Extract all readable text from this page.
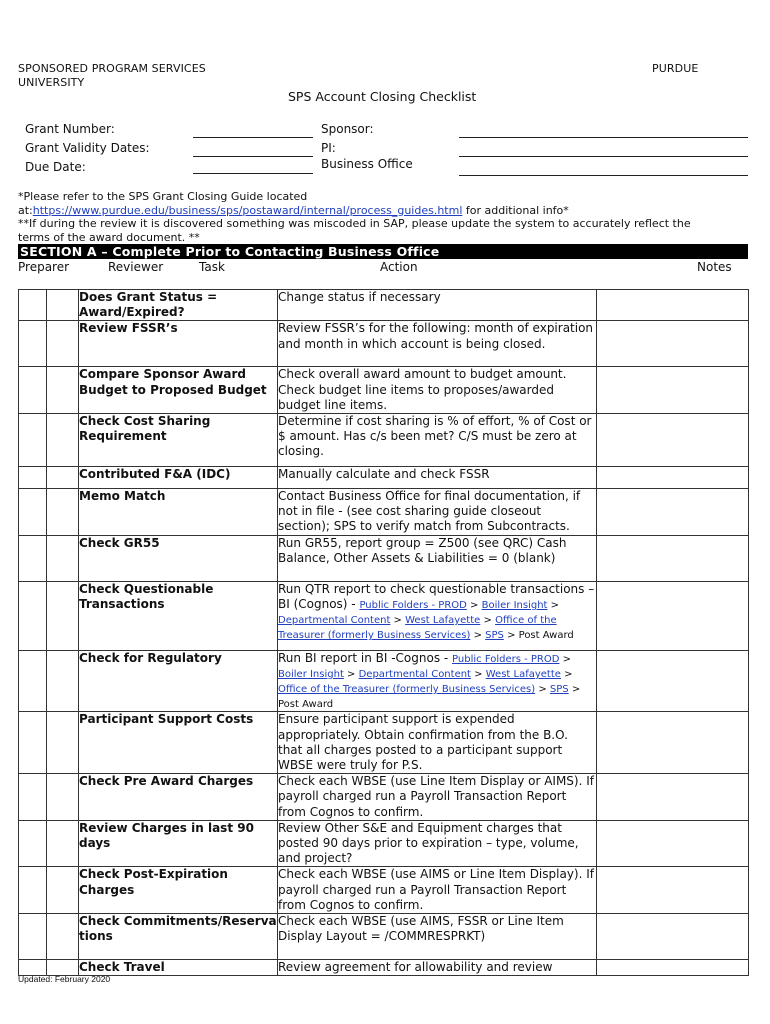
SPONSORED PROGRAM SERVICES
UNIVERSITY
PURDUE
SPS Account Closing Checklist
Grant Number:
Grant Validity Dates:
Due Date:
Sponsor:
PI:
Business Office
*Please refer to the SPS Grant Closing Guide located
at:https://www.purdue.edu/business/sps/postaward/internal/process_guides.html for additional info*
**If during the review it is discovered something was miscoded in SAP, please update the system to accurately reflect the
terms of the award document. **
SECTION A – Complete Prior to Contacting Business Office
Preparer	Reviewer	Task	Action	Notes
		Does Grant Status = Award/Expired?	Change status if necessary	
		Review FSSR’s	Review FSSR’s for the following: month of expiration and month in which account is being closed.	
		Compare Sponsor Award Budget to Proposed Budget	Check overall award amount to budget amount. Check budget line items to proposes/awarded budget line items.	
		Check Cost Sharing Requirement	Determine if cost sharing is % of effort, % of Cost or $ amount. Has c/s been met? C/S must be zero at closing.	
		Contributed F&A (IDC)	Manually calculate and check FSSR	
		Memo Match	Contact Business Office for final documentation, if not in file - (see cost sharing guide closeout section); SPS to verify match from Subcontracts.	
		Check GR55	Run GR55, report group = Z500 (see QRC) Cash Balance, Other Assets & Liabilities = 0 (blank)	
		Check Questionable Transactions	Run QTR report to check questionable transactions – BI (Cognos) - Public Folders - PROD > Boiler Insight > Departmental Content > West Lafayette > Office of the Treasurer (formerly Business Services) > SPS > Post Award	
		Check for Regulatory	Run BI report in BI -Cognos - Public Folders - PROD > Boiler Insight > Departmental Content > West Lafayette > Office of the Treasurer (formerly Business Services) > SPS > Post Award	
		Participant Support Costs	Ensure participant support is expended appropriately. Obtain confirmation from the B.O. that all charges posted to a participant support WBSE were truly for P.S.	
		Check Pre Award Charges	Check each WBSE (use Line Item Display or AIMS). If payroll charged run a Payroll Transaction Report from Cognos to confirm.	
		Review Charges in last 90 days	Review Other S&E and Equipment charges that posted 90 days prior to expiration – type, volume, and project?	
		Check Post-Expiration Charges	Check each WBSE (use AIMS or Line Item Display). If payroll charged run a Payroll Transaction Report from Cognos to confirm.	
		Check Commitments/Reservations	Check each WBSE (use AIMS, FSSR or Line Item Display Layout = /COMMRESPRKT)	
		Check Travel	Review agreement for allowability and review	
Updated: February 2020
